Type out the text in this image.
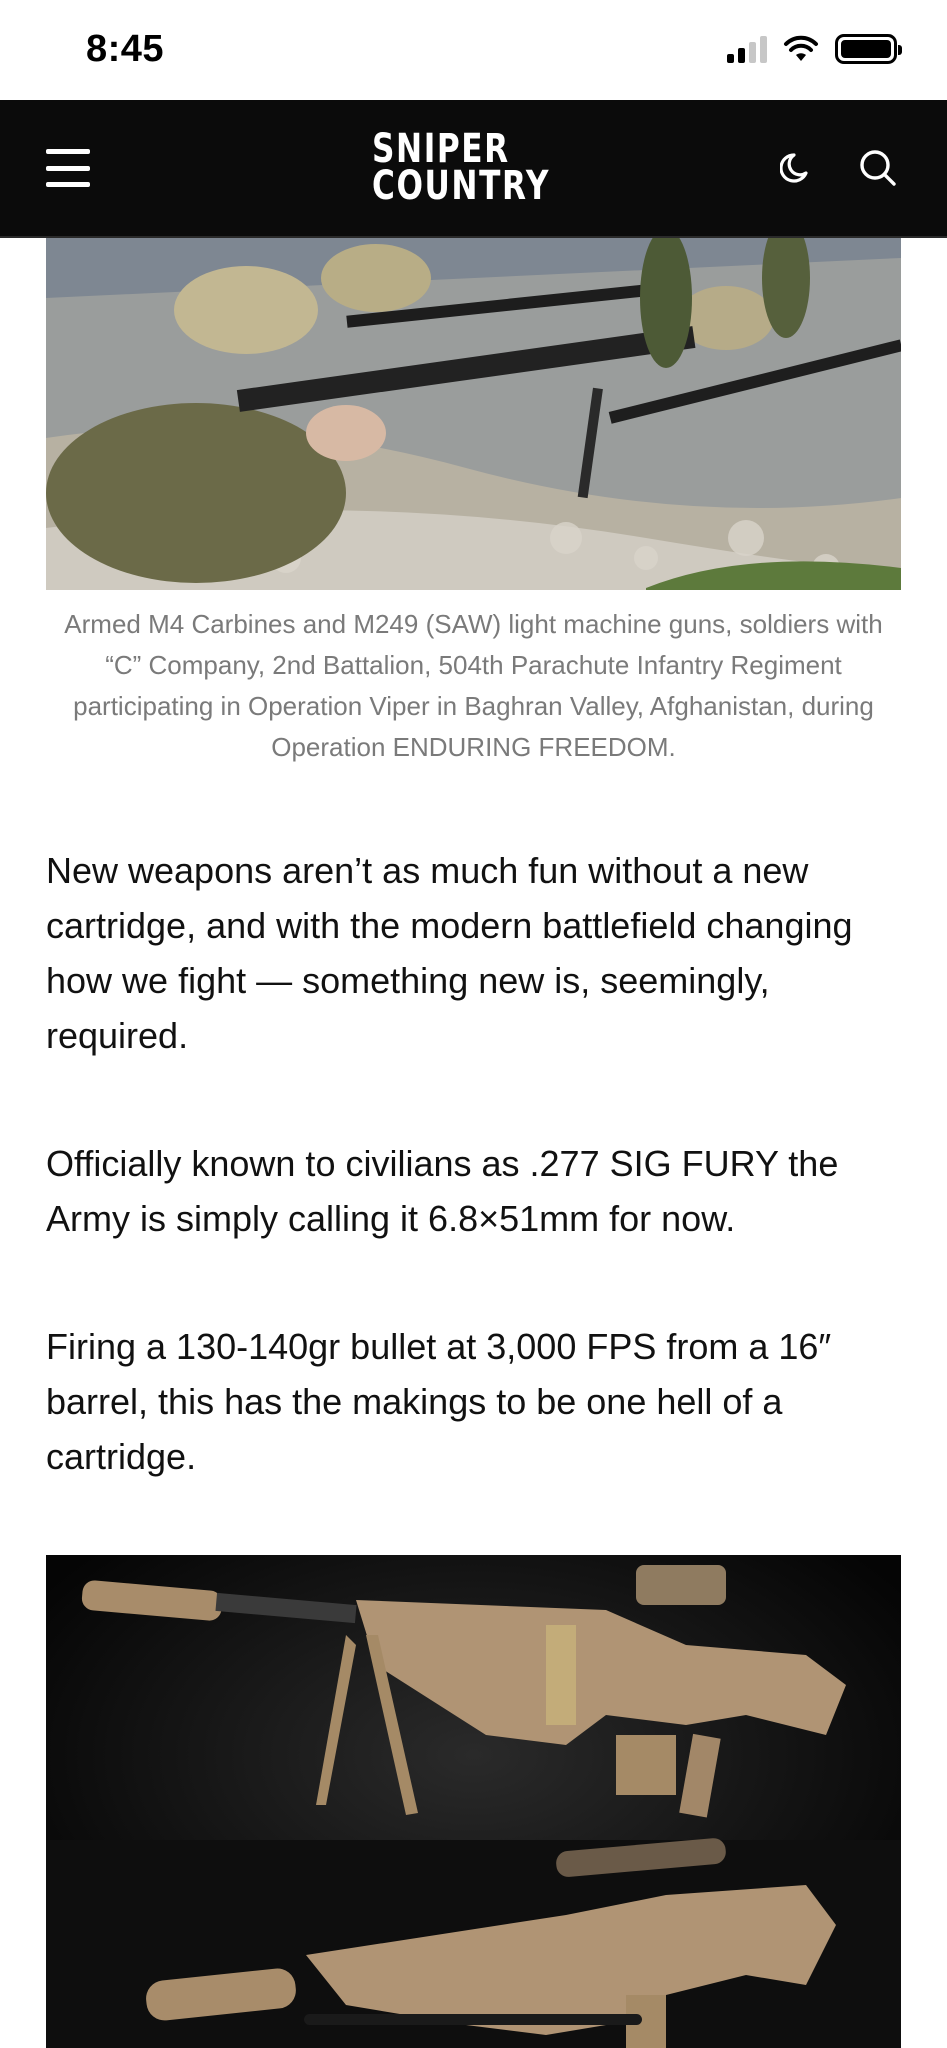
8:45
SNIPER
COUNTRY
Armed M4 Carbines and M249 (SAW) light machine guns, soldiers with “C” Company, 2nd Battalion, 504th Parachute Infantry Regiment participating in Operation Viper in Baghran Valley, Afghanistan, during Operation ENDURING FREEDOM.

New weapons aren’t as much fun without a new cartridge, and with the modern battlefield changing how we fight — something new is, seemingly, required.

Officially known to civilians as .277 SIG FURY the Army is simply calling it 6.8×51mm for now.

Firing a 130-140gr bullet at 3,000 FPS from a 16″ barrel, this has the makings to be one hell of a cartridge.
